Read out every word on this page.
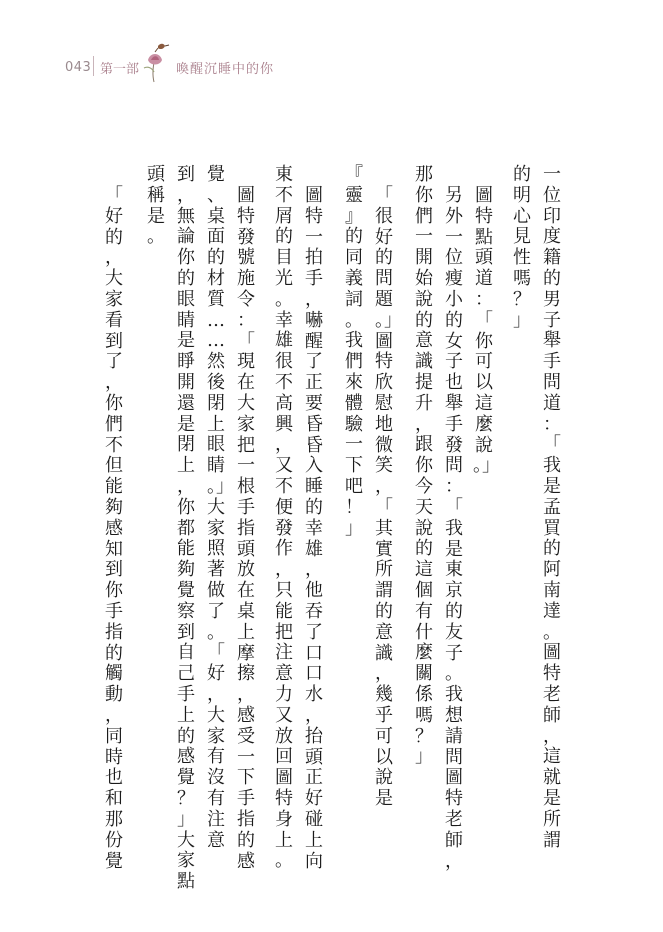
043 第一部	喚醒沉睡中的你
一位印度籍的男子舉手問道：「我是孟買的阿南達。圖特老師，這就是所謂
的明心見性嗎？」
圖特點頭道：「你可以這麼說。」
另外一位瘦小的女子也舉手發問：「我是東京的友子。我想請問圖特老師，
那你們一開始說的意識提升，跟你今天說的這個有什麼關係嗎？」
「很好的問題。」圖特欣慰地微笑，「其實所謂的意識，幾乎可以說是
『靈』的同義詞。我們來體驗一下吧！」
圖特一拍手，嚇醒了正要昏昏入睡的幸雄，他吞了口口水，抬頭正好碰上向
東不屑的目光。幸雄很不高興，又不便發作，只能把注意力又放回圖特身上。
圖特發號施令：「現在大家把一根手指頭放在桌上摩擦，感受一下手指的感
覺、桌面的材質……然後閉上眼睛。」大家照著做了。「好，大家有沒有注意
到，無論你的眼睛是睜開還是閉上，你都能夠覺察到自己手上的感覺？」大家點
頭稱是。
「好的，大家看到了，你們不但能夠感知到你手指的觸動，同時也和那份覺
